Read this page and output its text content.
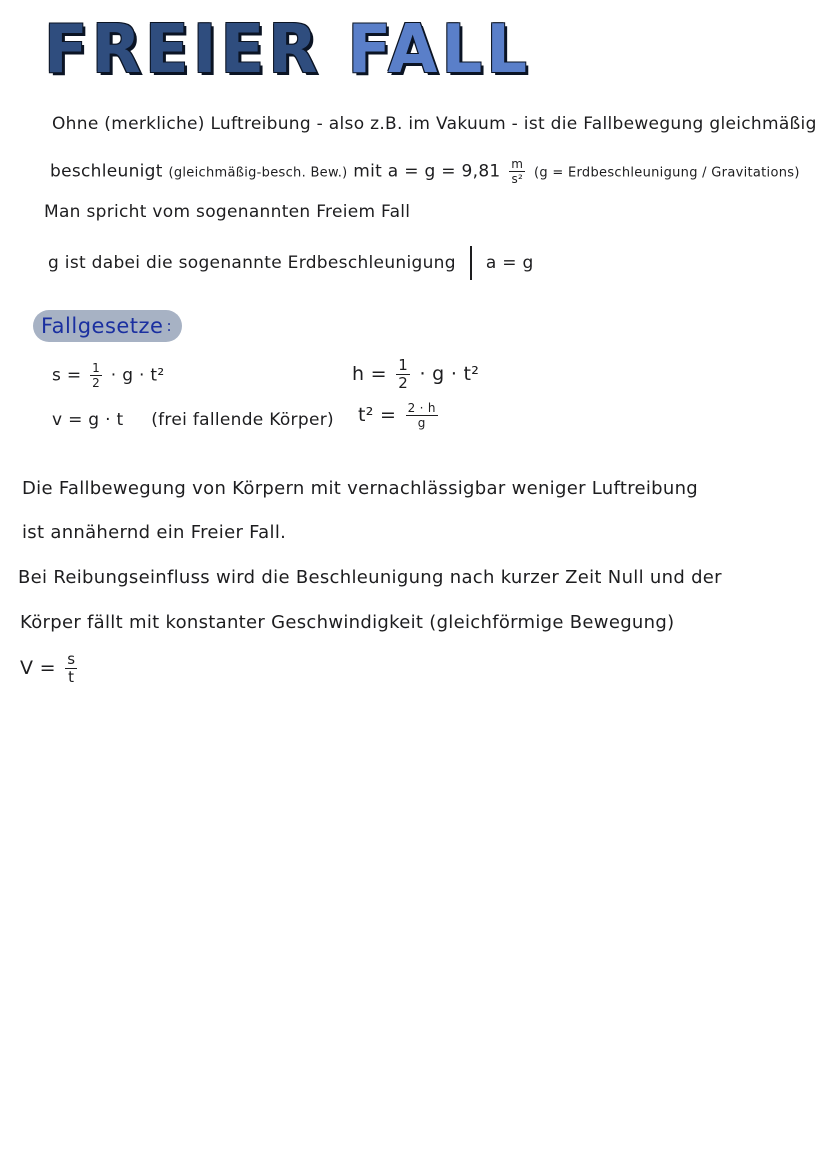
FREIER FALL
Ohne (merkliche) Luftreibung - also z.B. im Vakuum - ist die Fallbewegung gleichmäßig
beschleunigt (gleichmäßig-besch. Bew.) mit $a = g = 9,81 \frac{m}{\text{s²}} (g$ = Erdbeschleunigung / Gravitations)
Man spricht vom sogenannten Freiem Fall
g ist dabei die sogenannte Erdbeschleunigung a = g
Fallgesetze :
$s = \frac{1}{2} \cdot g \cdot t^2$
v = g · t (frei fallende Körper)
$h = \frac{1}{2} \cdot g \cdot t^2$
$t^2 = \frac{2 \cdot h}{g}$
Die Fallbewegung von Körpern mit vernachlässigbar weniger Luftreibung
ist annähernd ein Freier Fall.
Bei Reibungseinfluss wird die Beschleunigung nach kurzer Zeit Null und der
Körper fällt mit konstanter Geschwindigkeit (gleichförmige Bewegung)
$V = \frac{s}{t}$
